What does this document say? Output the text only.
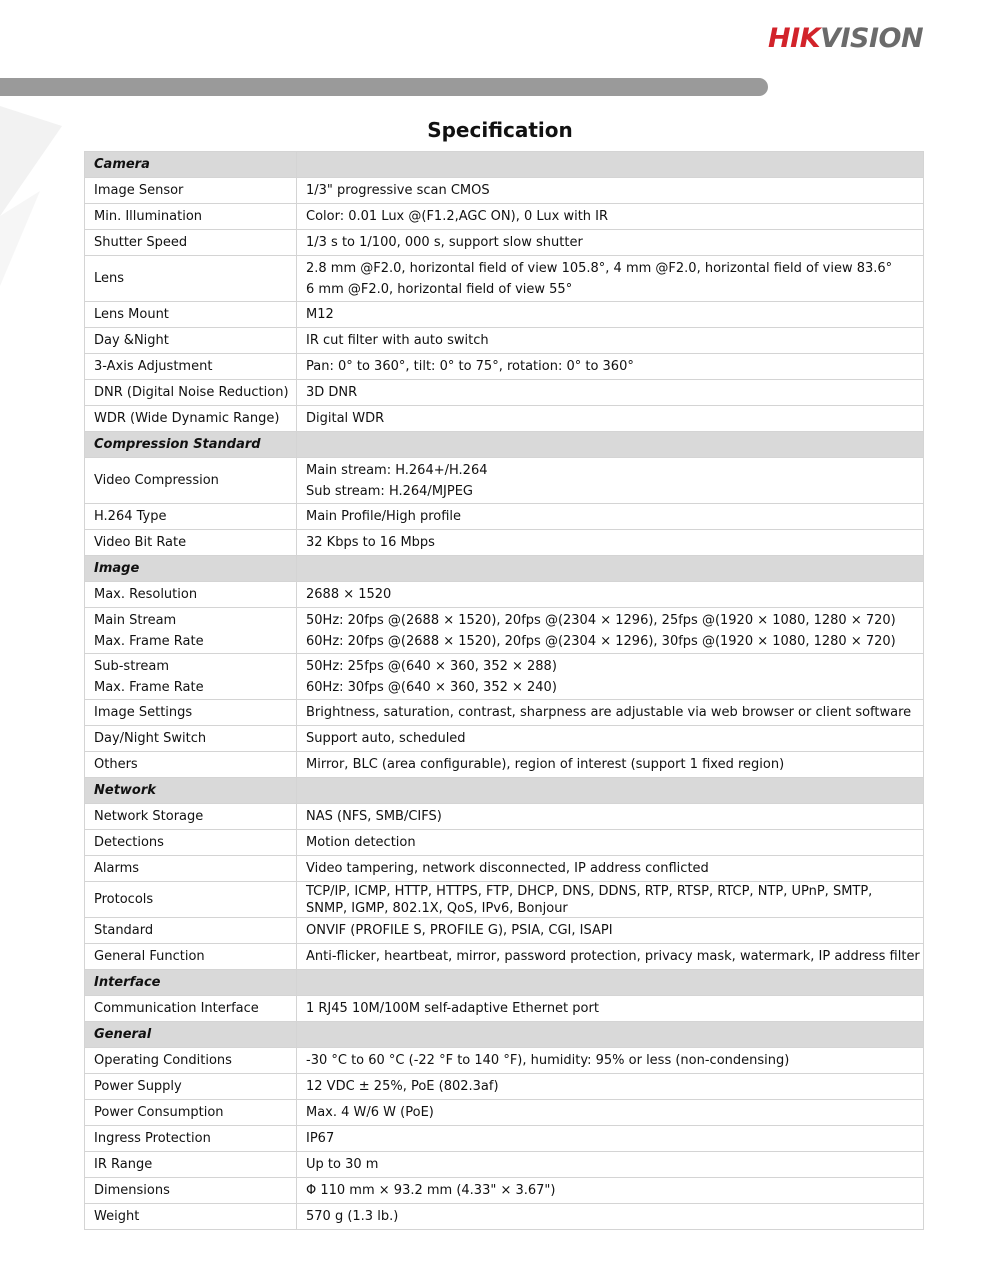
HIKVISION
Specification
Camera	

Image Sensor	1/3" progressive scan CMOS

Min. Illumination	Color: 0.01 Lux @(F1.2,AGC ON), 0 Lux with IR

Shutter Speed	1/3 s to 1/100, 000 s, support slow shutter

Lens	2.8 mm @F2.0, horizontal field of view 105.8°, 4 mm @F2.0, horizontal field of view 83.6°
6 mm @F2.0, horizontal field of view 55°

Lens Mount	M12

Day &Night	IR cut filter with auto switch

3-Axis Adjustment	Pan: 0° to 360°, tilt: 0° to 75°, rotation: 0° to 360°

DNR (Digital Noise Reduction)	3D DNR

WDR (Wide Dynamic Range)	Digital WDR

Compression Standard	

Video Compression	Main stream: H.264+/H.264
Sub stream: H.264/MJPEG

H.264 Type	Main Profile/High profile

Video Bit Rate	32 Kbps to 16 Mbps

Image	

Max. Resolution	2688 × 1520

Main Stream
Max. Frame Rate	50Hz: 20fps @(2688 × 1520), 20fps @(2304 × 1296), 25fps @(1920 × 1080, 1280 × 720)
60Hz: 20fps @(2688 × 1520), 20fps @(2304 × 1296), 30fps @(1920 × 1080, 1280 × 720)

Sub-stream
Max. Frame Rate	50Hz: 25fps @(640 × 360, 352 × 288)
60Hz: 30fps @(640 × 360, 352 × 240)

Image Settings	Brightness, saturation, contrast, sharpness are adjustable via web browser or client software

Day/Night Switch	Support auto, scheduled

Others	Mirror, BLC (area configurable), region of interest (support 1 fixed region)

Network	

Network Storage	NAS (NFS, SMB/CIFS)

Detections	Motion detection

Alarms	Video tampering, network disconnected, IP address conflicted

Protocols	TCP/IP, ICMP, HTTP, HTTPS, FTP, DHCP, DNS, DDNS, RTP, RTSP, RTCP, NTP, UPnP, SMTP, SNMP, IGMP, 802.1X, QoS, IPv6, Bonjour

Standard	ONVIF (PROFILE S, PROFILE G), PSIA, CGI, ISAPI

General Function	Anti-flicker, heartbeat, mirror, password protection, privacy mask, watermark, IP address filter

Interface	

Communication Interface	1 RJ45 10M/100M self-adaptive Ethernet port

General	

Operating Conditions	-30 °C to 60 °C (-22 °F to 140 °F), humidity: 95% or less (non-condensing)

Power Supply	12 VDC ± 25%, PoE (802.3af)

Power Consumption	Max. 4 W/6 W (PoE)

Ingress Protection	IP67

IR Range	Up to 30 m

Dimensions	Φ 110 mm × 93.2 mm (4.33" × 3.67")

Weight	570 g (1.3 lb.)
